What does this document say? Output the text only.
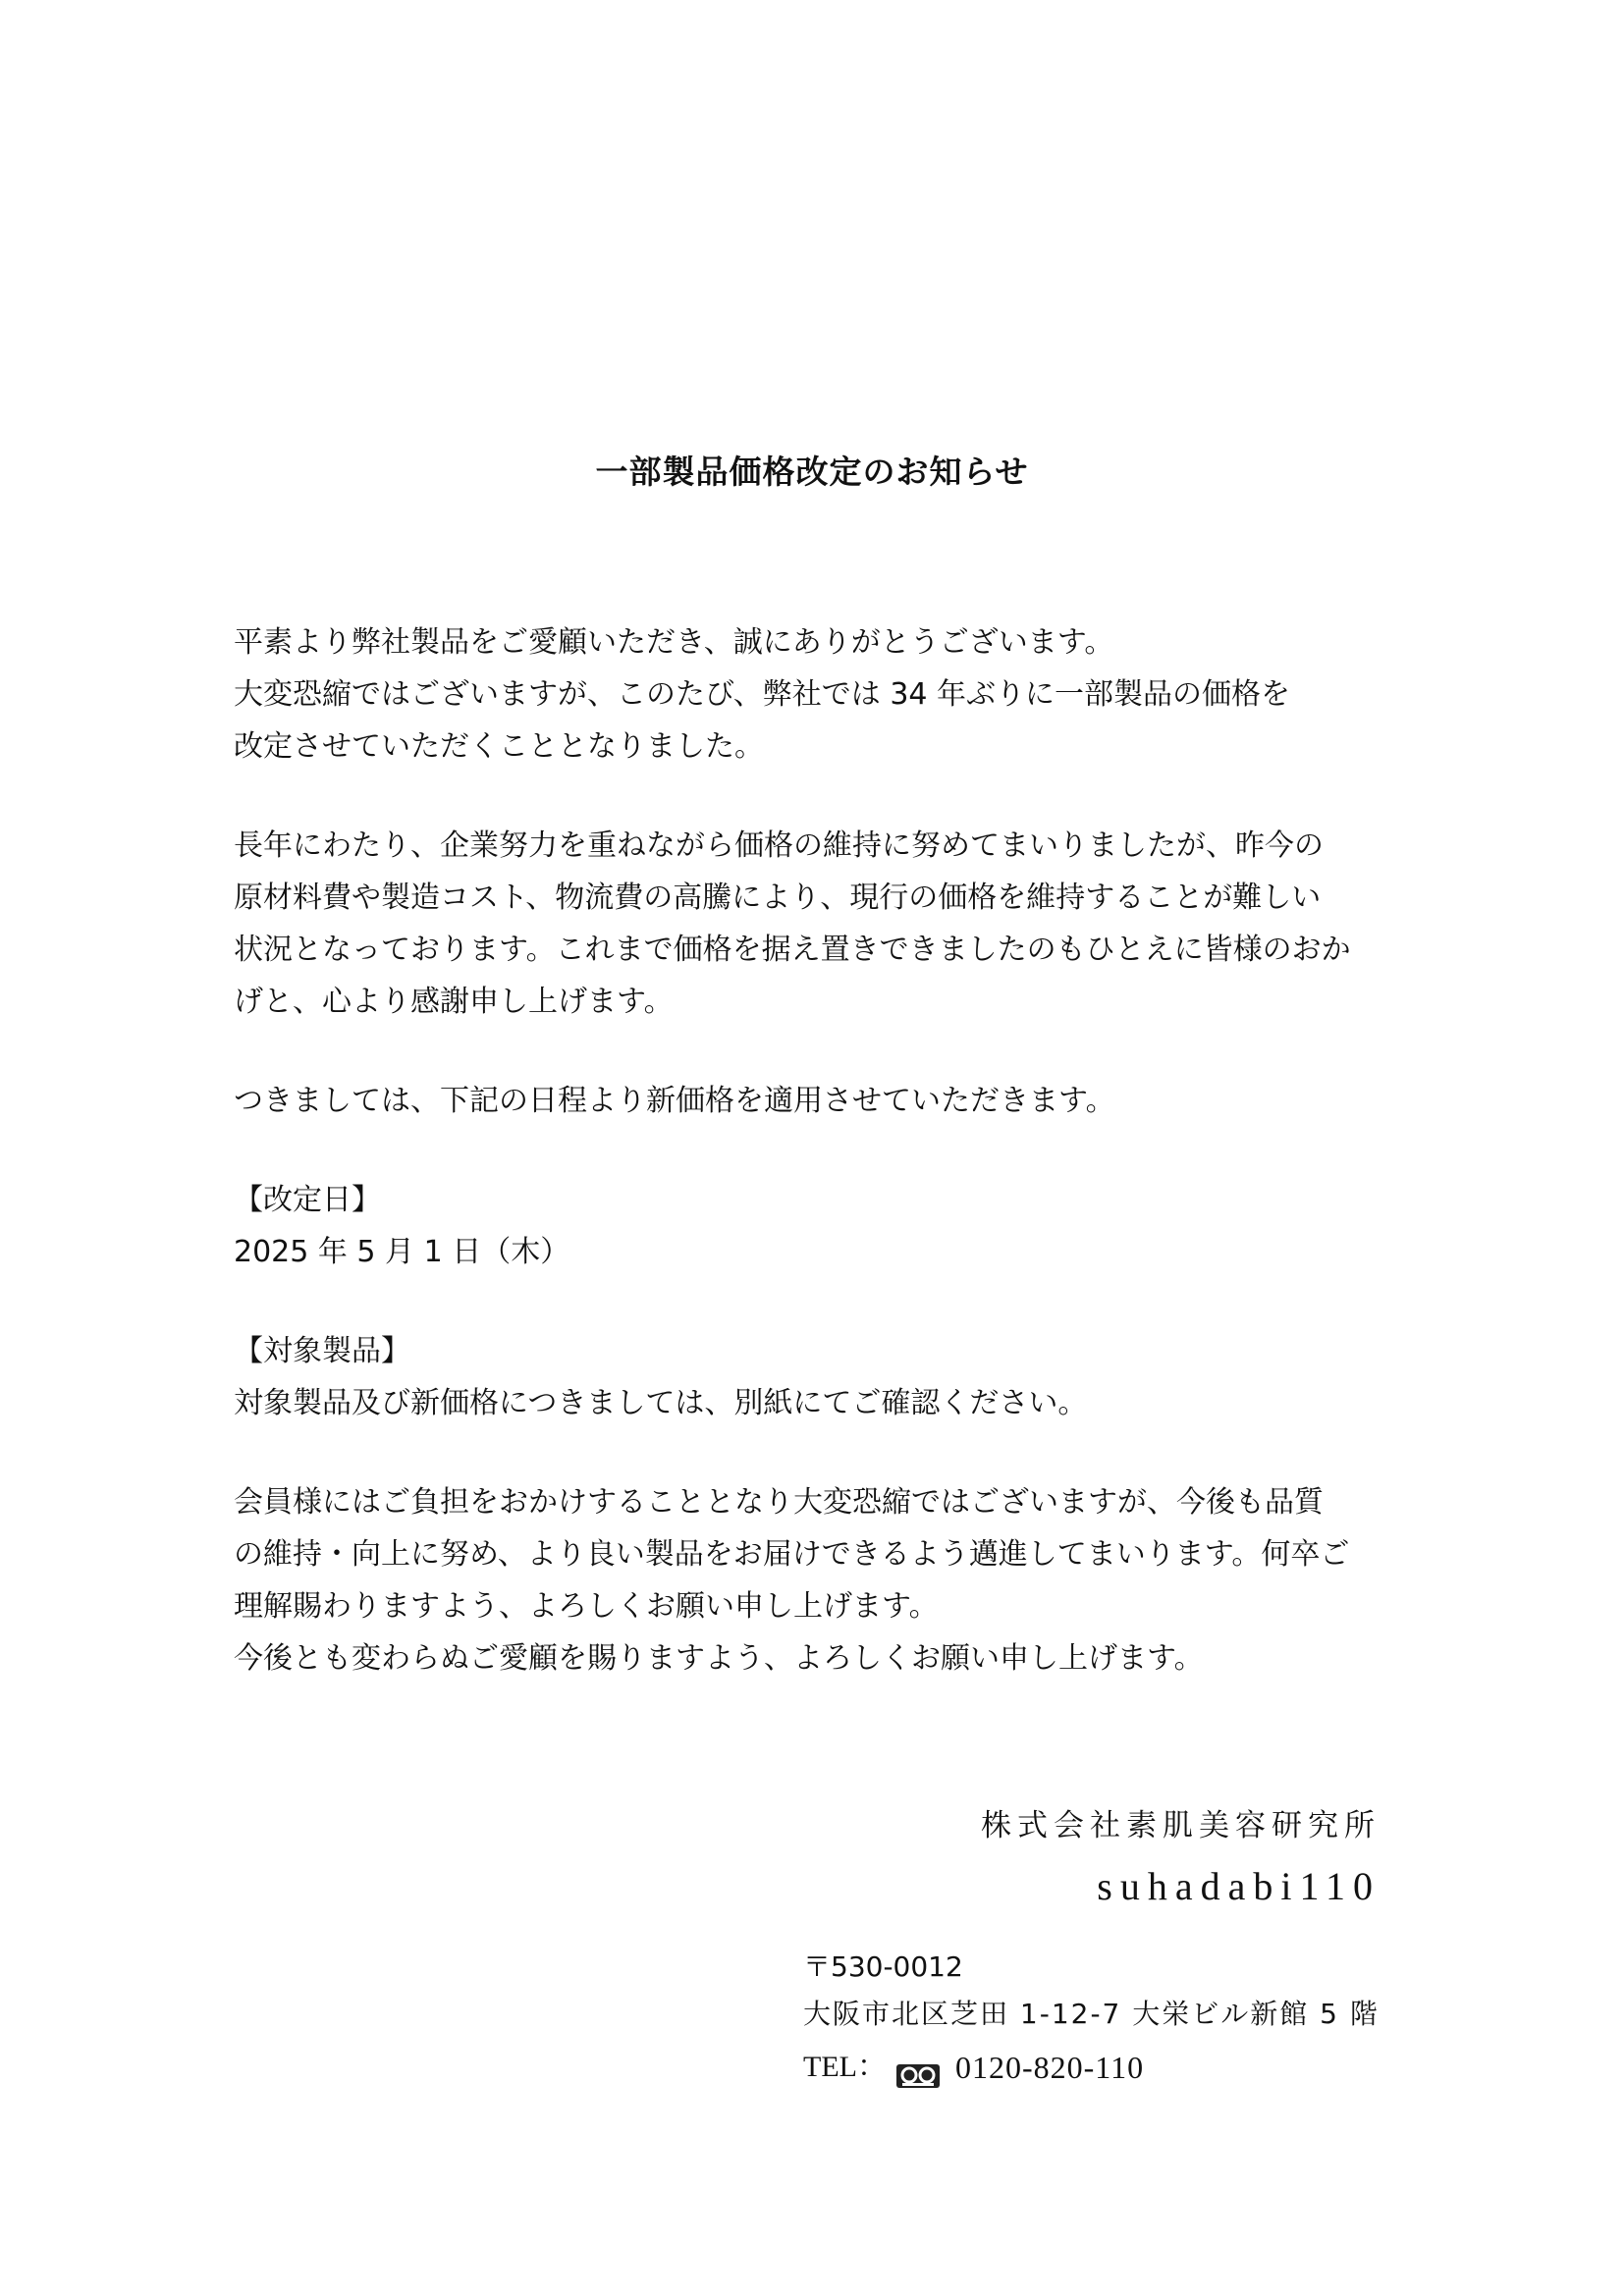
一部製品価格改定のお知らせ

平素より弊社製品をご愛顧いただき、誠にありがとうございます。

大変恐縮ではございますが、このたび、弊社では 34 年ぶりに一部製品の価格を

改定させていただくこととなりました。

長年にわたり、企業努力を重ねながら価格の維持に努めてまいりましたが、昨今の

原材料費や製造コスト、物流費の高騰により、現行の価格を維持することが難しい

状況となっております。これまで価格を据え置きできましたのもひとえに皆様のおか

げと、心より感謝申し上げます。

つきましては、下記の日程より新価格を適用させていただきます。

【改定日】

2025 年 5 月 1 日（木）

【対象製品】

対象製品及び新価格につきましては、別紙にてご確認ください。

会員様にはご負担をおかけすることとなり大変恐縮ではございますが、今後も品質

の維持・向上に努め、より良い製品をお届けできるよう邁進してまいります。何卒ご

理解賜わりますよう、よろしくお願い申し上げます。

今後とも変わらぬご愛顧を賜りますよう、よろしくお願い申し上げます。

株式会社素肌美容研究所

suhadabi110

〒530-0012

大阪市北区芝田 1-12-7 大栄ビル新館 5 階

TEL： 0120-820-110
